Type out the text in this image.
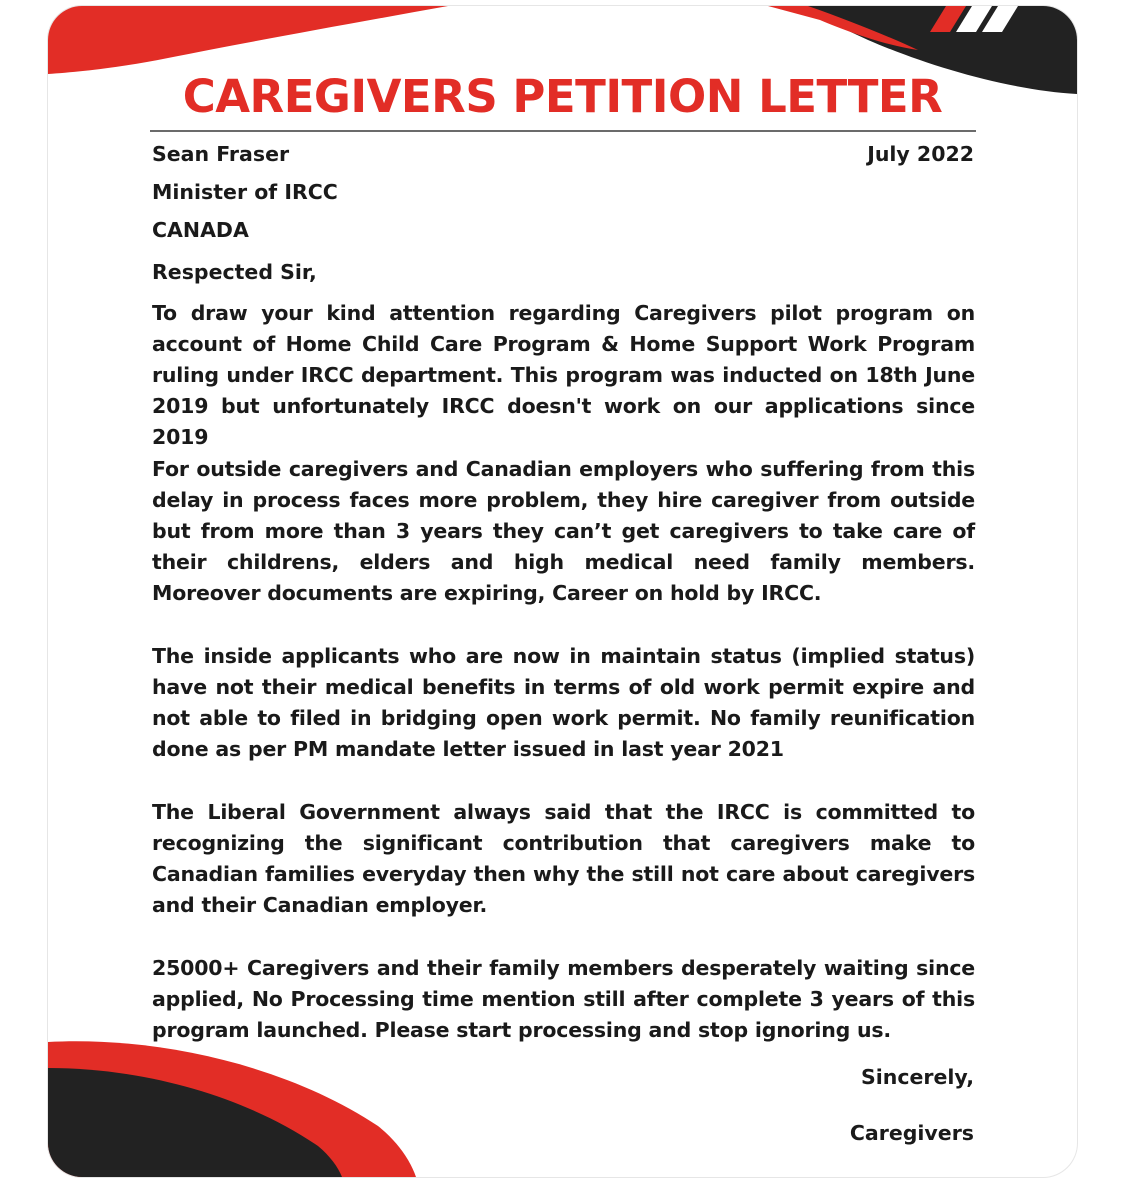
CAREGIVERS PETITION LETTER

Sean Fraser	July 2022

Minister of IRCC

CANADA

Respected Sir,

To draw your kind attention regarding Caregivers pilot program on account of Home Child Care Program & Home Support Work Program ruling under IRCC department. This program was inducted on 18th June 2019 but unfortunately IRCC doesn't work on our applications since 2019

For outside caregivers and Canadian employers who suffering from this delay in process faces more problem, they hire caregiver from outside but from more than 3 years they can’t get caregivers to take care of their childrens, elders and high medical need family members. Moreover documents are expiring, Career on hold by IRCC.

The inside applicants who are now in maintain status (implied status) have not their medical benefits in terms of old work permit expire and not able to filed in bridging open work permit. No family reunification done as per PM mandate letter issued in last year 2021

The Liberal Government always said that the IRCC is committed to recognizing the significant contribution that caregivers make to Canadian families everyday then why the still not care about caregivers and their Canadian employer.

25000+ Caregivers and their family members desperately waiting since applied, No Processing time mention still after complete 3 years of this program launched. Please start processing and stop ignoring us.

Sincerely,

Caregivers
